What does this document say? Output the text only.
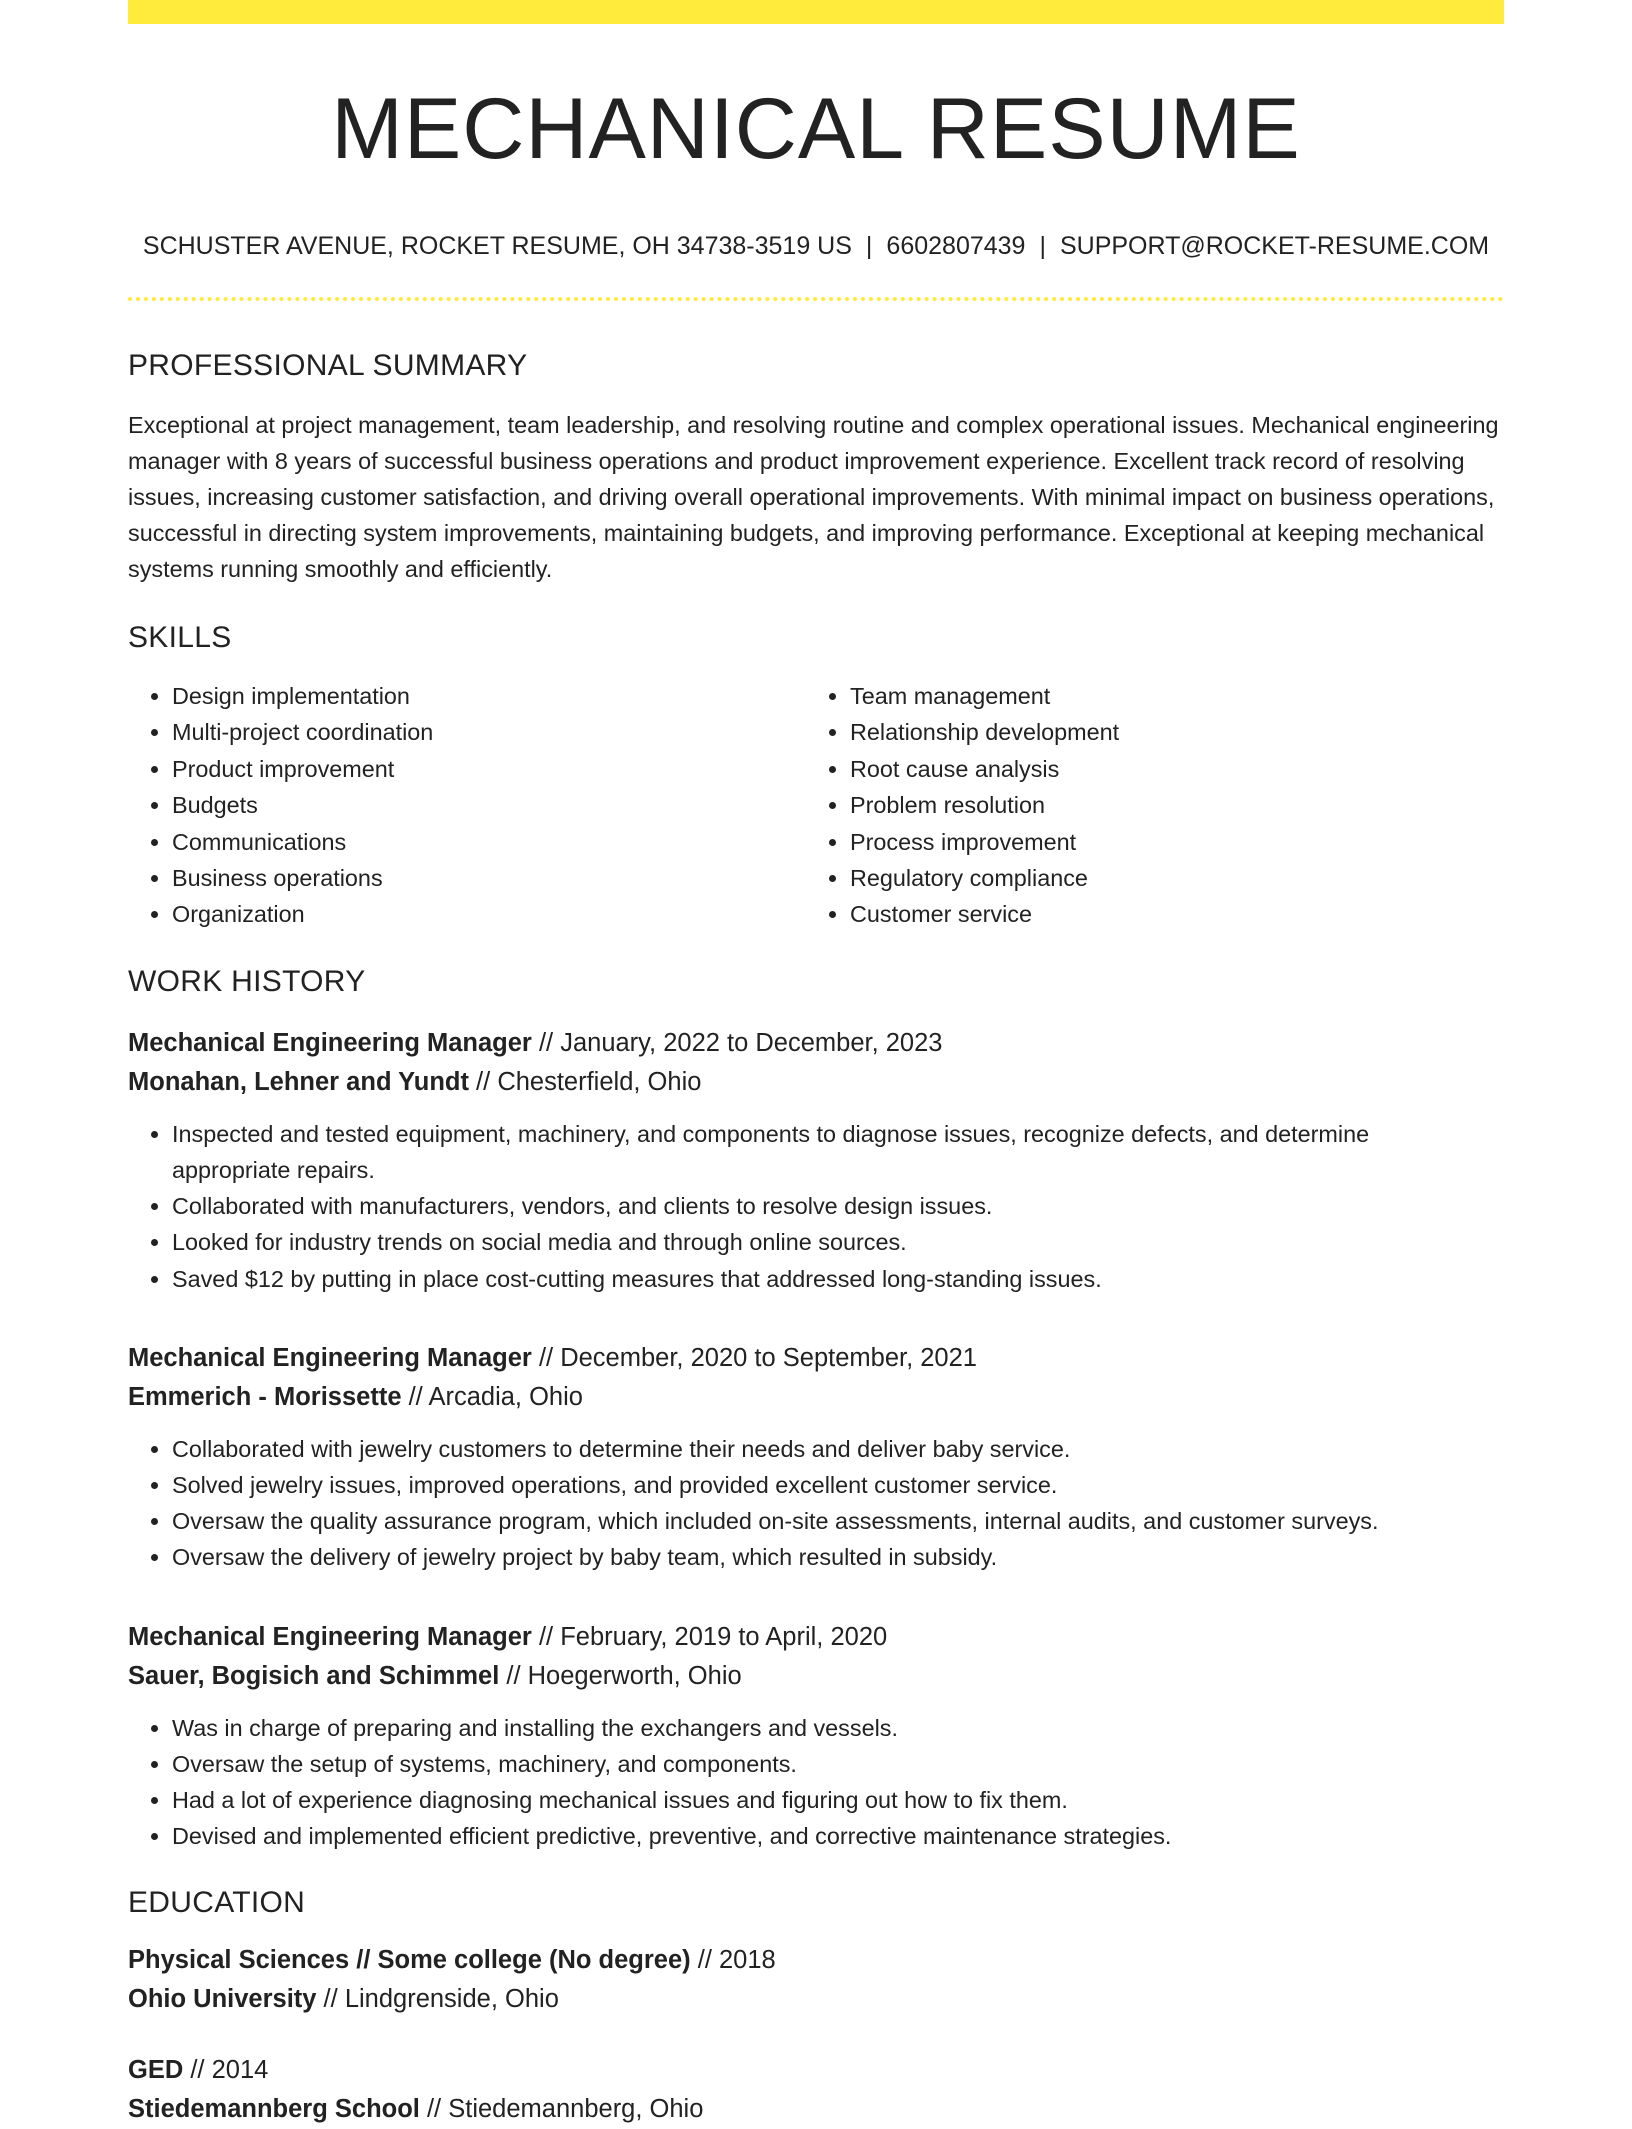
MECHANICAL RESUME
SCHUSTER AVENUE, ROCKET RESUME, OH 34738-3519 US | 6602807439 | SUPPORT@ROCKET-RESUME.COM
PROFESSIONAL SUMMARY

Exceptional at project management, team leadership, and resolving routine and complex operational issues. Mechanical engineering manager with 8 years of successful business operations and product improvement experience. Excellent track record of resolving issues, increasing customer satisfaction, and driving overall operational improvements. With minimal impact on business operations, successful in directing system improvements, maintaining budgets, and improving performance. Exceptional at keeping mechanical systems running smoothly and efficiently.

SKILLS
• Design implementation
• Multi-project coordination
• Product improvement
• Budgets
• Communications
• Business operations
• Organization
• Team management
• Relationship development
• Root cause analysis
• Problem resolution
• Process improvement
• Regulatory compliance
• Customer service
WORK HISTORY
Mechanical Engineering Manager // January, 2022 to December, 2023
Monahan, Lehner and Yundt // Chesterfield, Ohio
• Inspected and tested equipment, machinery, and components to diagnose issues, recognize defects, and determine appropriate repairs.
• Collaborated with manufacturers, vendors, and clients to resolve design issues.
• Looked for industry trends on social media and through online sources.
• Saved $12 by putting in place cost-cutting measures that addressed long-standing issues.
Mechanical Engineering Manager // December, 2020 to September, 2021
Emmerich - Morissette // Arcadia, Ohio
• Collaborated with jewelry customers to determine their needs and deliver baby service.
• Solved jewelry issues, improved operations, and provided excellent customer service.
• Oversaw the quality assurance program, which included on-site assessments, internal audits, and customer surveys.
• Oversaw the delivery of jewelry project by baby team, which resulted in subsidy.
Mechanical Engineering Manager // February, 2019 to April, 2020
Sauer, Bogisich and Schimmel // Hoegerworth, Ohio
• Was in charge of preparing and installing the exchangers and vessels.
• Oversaw the setup of systems, machinery, and components.
• Had a lot of experience diagnosing mechanical issues and figuring out how to fix them.
• Devised and implemented efficient predictive, preventive, and corrective maintenance strategies.
EDUCATION
Physical Sciences // Some college (No degree) // 2018
Ohio University // Lindgrenside, Ohio
GED // 2014
Stiedemannberg School // Stiedemannberg, Ohio
